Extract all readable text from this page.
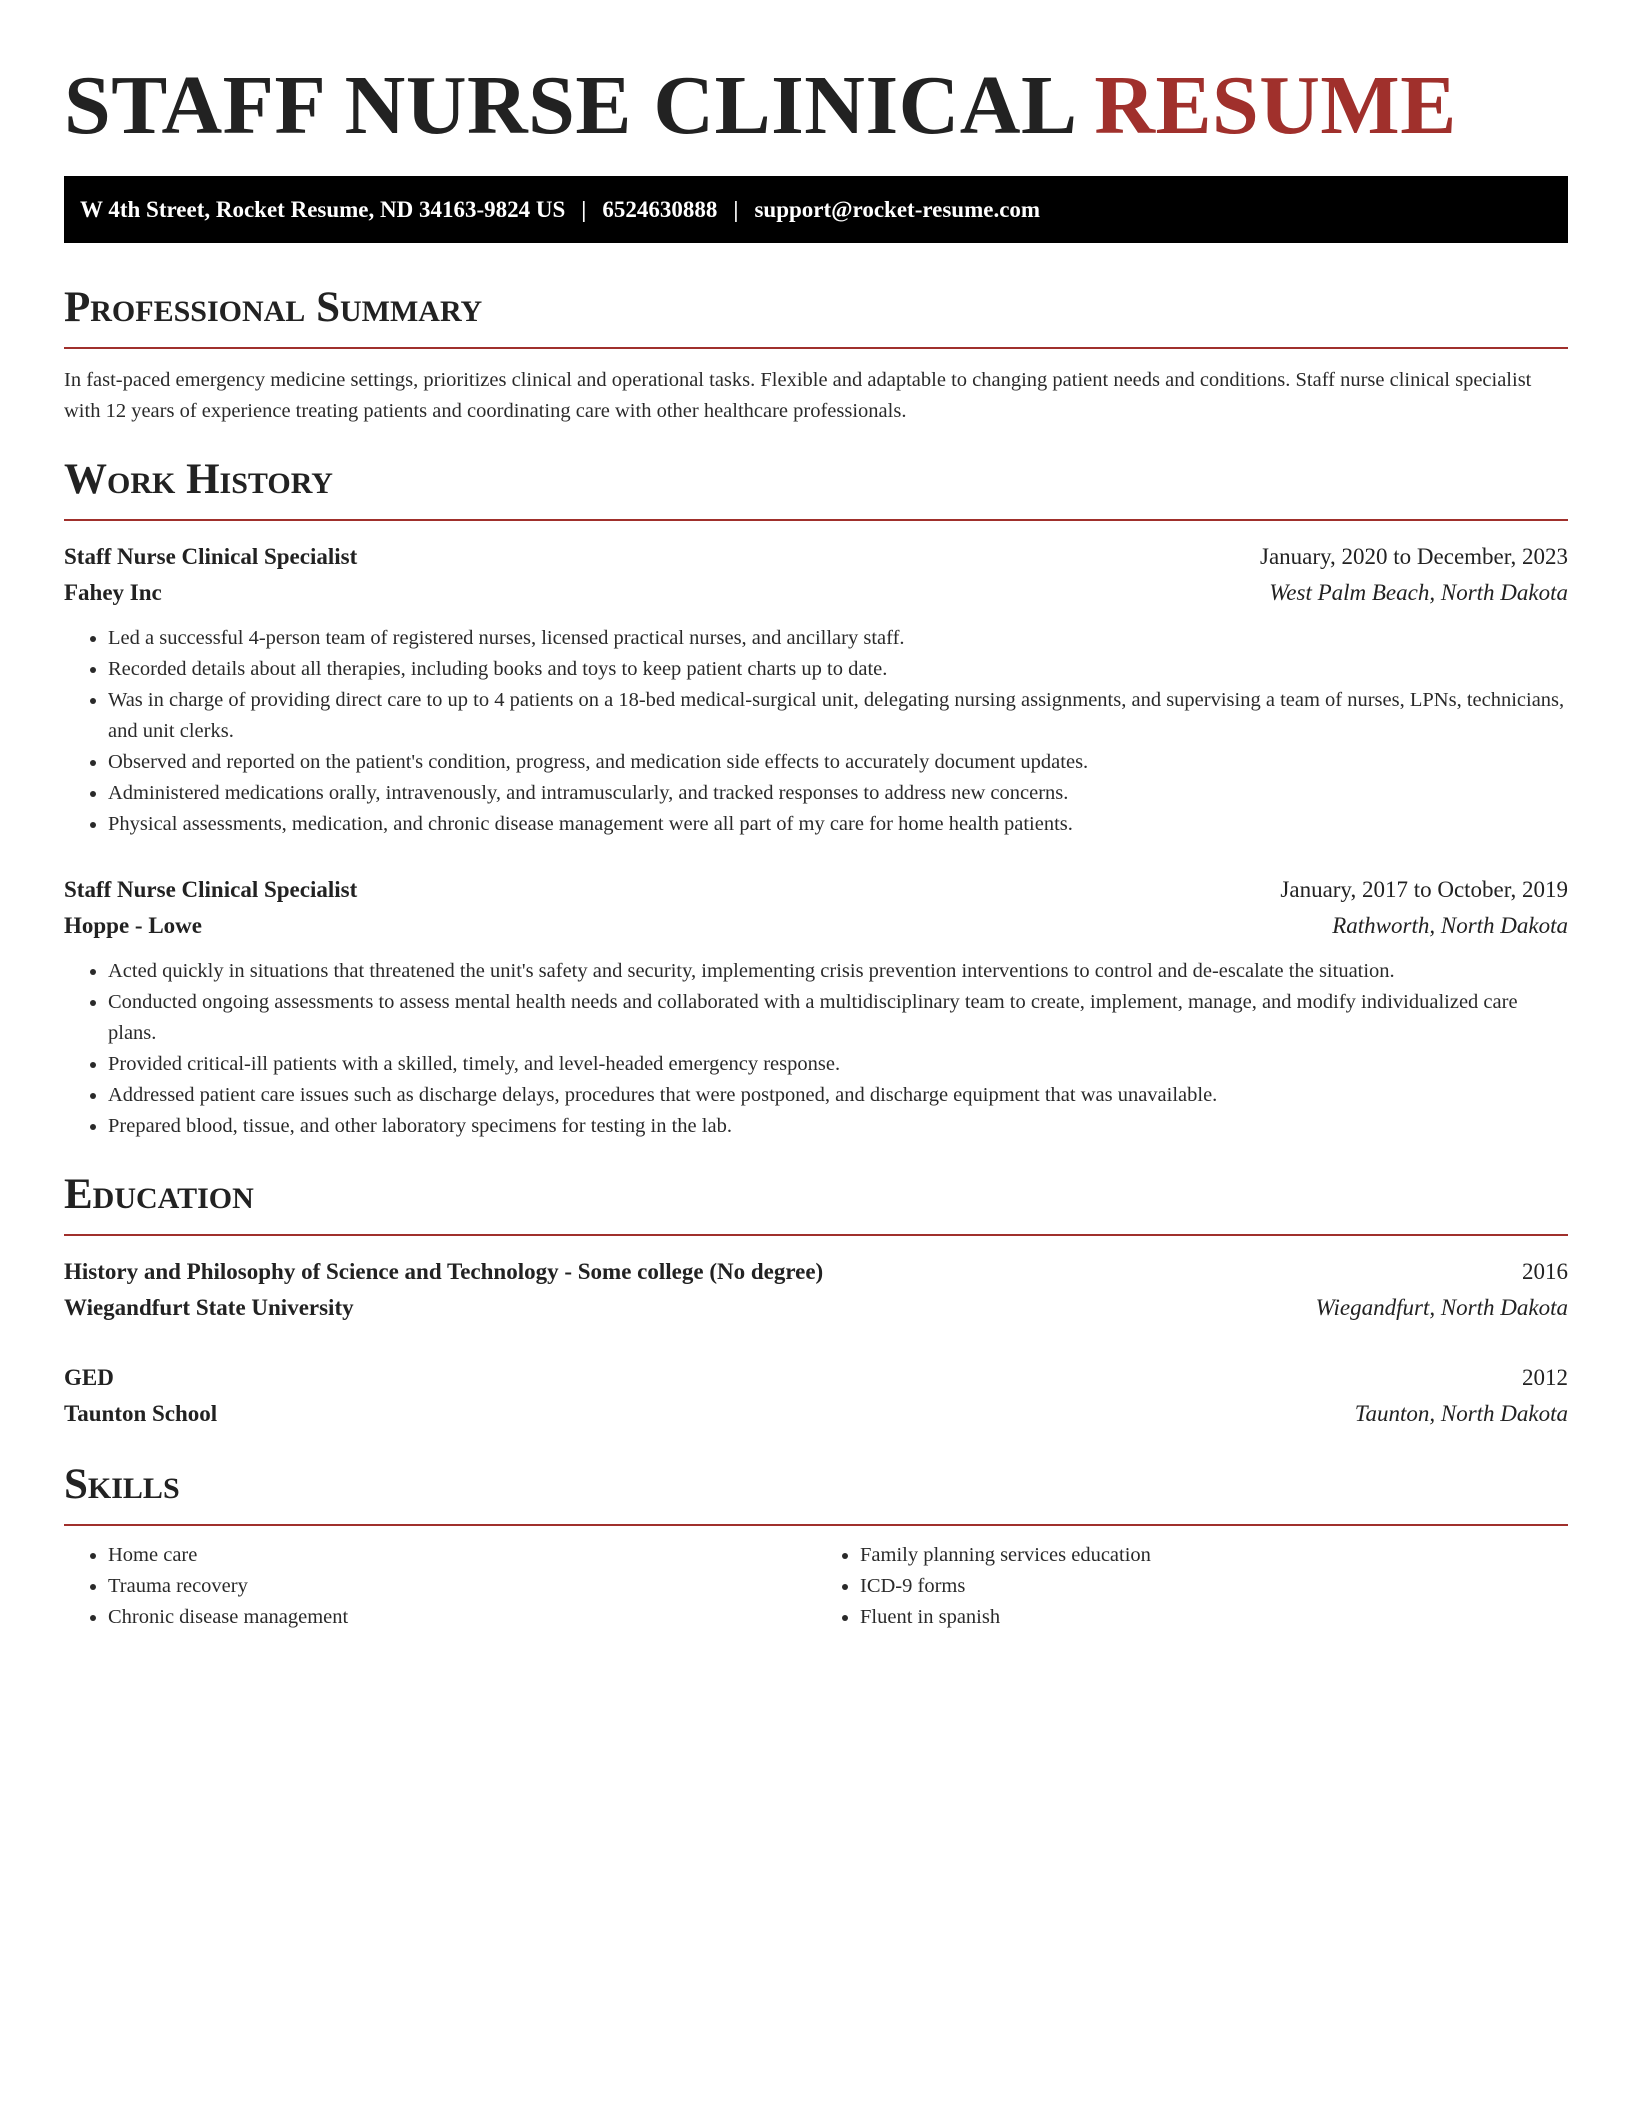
STAFF NURSE CLINICAL RESUME
W 4th Street, Rocket Resume, ND 34163-9824 US | 6524630888 | support@rocket-resume.com
Professional Summary

In fast-paced emergency medicine settings, prioritizes clinical and operational tasks. Flexible and adaptable to changing patient needs and conditions. Staff nurse clinical specialist with 12 years of experience treating patients and coordinating care with other healthcare professionals.

Work History
Staff Nurse Clinical Specialist	January, 2020 to December, 2023
Fahey Inc	West Palm Beach, North Dakota
• Led a successful 4-person team of registered nurses, licensed practical nurses, and ancillary staff.
• Recorded details about all therapies, including books and toys to keep patient charts up to date.
• Was in charge of providing direct care to up to 4 patients on a 18-bed medical-surgical unit, delegating nursing assignments, and supervising a team of nurses, LPNs, technicians, and unit clerks.
• Observed and reported on the patient's condition, progress, and medication side effects to accurately document updates.
• Administered medications orally, intravenously, and intramuscularly, and tracked responses to address new concerns.
• Physical assessments, medication, and chronic disease management were all part of my care for home health patients.
Staff Nurse Clinical Specialist	January, 2017 to October, 2019
Hoppe - Lowe	Rathworth, North Dakota
• Acted quickly in situations that threatened the unit's safety and security, implementing crisis prevention interventions to control and de-escalate the situation.
• Conducted ongoing assessments to assess mental health needs and collaborated with a multidisciplinary team to create, implement, manage, and modify individualized care plans.
• Provided critical-ill patients with a skilled, timely, and level-headed emergency response.
• Addressed patient care issues such as discharge delays, procedures that were postponed, and discharge equipment that was unavailable.
• Prepared blood, tissue, and other laboratory specimens for testing in the lab.
Education
History and Philosophy of Science and Technology - Some college (No degree)	2016
Wiegandfurt State University	Wiegandfurt, North Dakota
GED	2012
Taunton School	Taunton, North Dakota
Skills
• Home care
• Trauma recovery
• Chronic disease management
• Family planning services education
• ICD-9 forms
• Fluent in spanish
